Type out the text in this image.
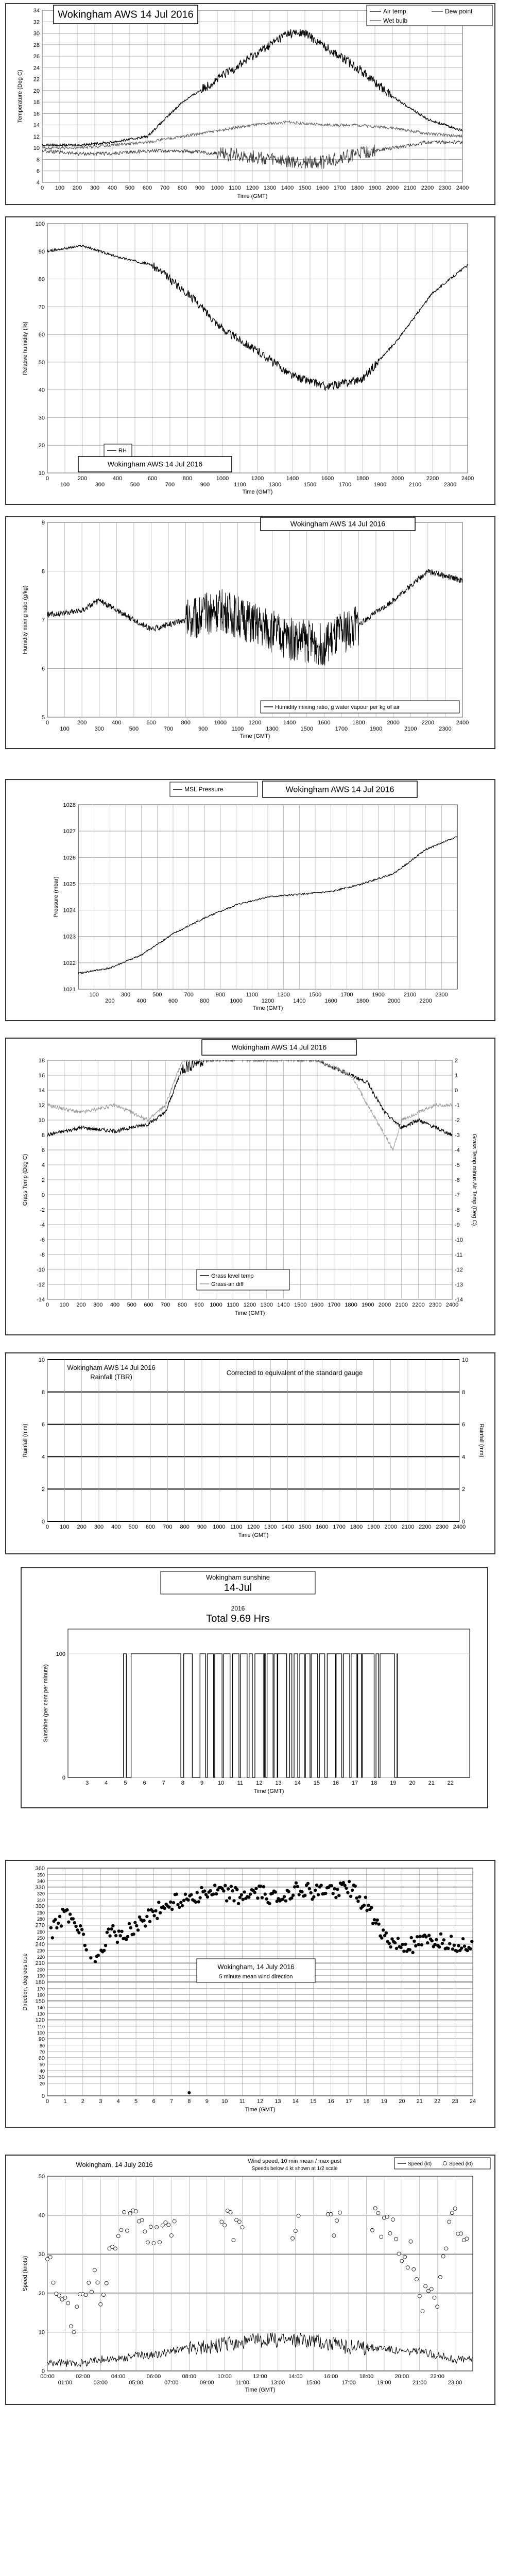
4
6
8
10
12
14
16
18
20
22
24
26
28
30
32
34
0 100 200 300 400 500 600 700 800 900 1000 1100 1200 1300 1400 1500 1600 1700 1800 1900 2000 2100 2200 2300 2400
Time (GMT)
Temperature (Deg C)
Wokingham AWS 14 Jul 2016	Air temp
Wet bulb
Dew point
10
20
30
40
50
60
70
80
90
100
0
100
200
300
400
500
600
700
800
900
1000
1100
1200
1300
1400
1500
1600
1700
1800
1900
2000
2100
2200
2300
2400
Time (GMT)
Relative humidity (%)
RH
Wokingham AWS 14 Jul 2016
5
6
7
8
9
0
100
200
300
400
500
600
700
800
900
1000
1100
1200
1300
1400
1500
1600
1700
1800
1900
2000
2100
2200
2300
2400
Time (GMT)
Humidity mixing ratio (g/kg)
Wokingham AWS 14 Jul 2016
Humidity mixing ratio, g water vapour per kg of air
1021
1022
1023
1024
1025
1026
1027
1028
100
200
300
400
500
600
700
800
900
1000
1100
1200
1300
1400
1500
1600
1700
1800
1900
2000
2100
2200
2300
Time (GMT)
Pressure (mbar)
MSL Pressure	Wokingham AWS 14 Jul 2016
-14
-12
-10
-8
-6
-4
-2
0
2
4
6
8
10
12
14
16
18
-14
-13
-12
-11
-10
-9
-8
-7
-6
-5
-4
-3
-2
-1
0
1
2
0 100 200 300 400 500 600 700 800 900 1000 1100 1200 1300 1400 1500 1600 1700 1800 1900 2000 2100 2200 2300 2400
Time (GMT)
Grass Temp (Deg C)	Grass Temp minus Air Temp (Deg C)
Wokingham AWS 14 Jul 2016
Grass level temp
Grass-air diff
0
2
4
6
8
10
0 100 200 300 400 500 600 700 800 900 1000 1100 1200 1300 1400 1500 1600 1700 1800 1900 2000 2100 2200 2300 2400
Time (GMT)
Rainfall (mm)	Rainfall (mm)
Wokingham AWS 14 Jul 2016
Rainfall (TBR)
Corrected to equivalent of the standard gauge
0
2
4
6
8
10
0
100
3	4	5	6	7	8	9	10 11 12 13 14 15 16 17 18 19 20 21 22
Time (GMT)
Sunshine (per cent per minute)
Wokingham sunshine
14-Jul
2016
Total 9.69 Hrs
0
30
60
90
120
150
180
210
240
270
300
330
360
0	1	2	3	4	5	6	7	8	9 10 11 12 13 14 15 16 17 18 19 20 21 22 23 24
Time (GMT)
Direction, degrees true
20
40
50
70
80
100
110
130
140
160
170
190
200
220
230
250
260
280
290
310
320
340
350
Wokingham, 14 July 2016
5 minute mean wind direction
0
10
20
30
40
50
00:00
01:00
02:00
03:00
04:00
05:00
06:00
07:00
08:00
09:00
10:00
11:00
12:00
13:00
14:00
15:00
16:00
17:00
18:00
19:00
20:00
21:00
22:00
23:00
Time (GMT)
Speed (knots)
Wokingham, 14 July 2016	Wind speed, 10 min mean / max gust
Speeds below 4 kt shown at 1/2 scale
Speed (kt)	Speed (kt)
